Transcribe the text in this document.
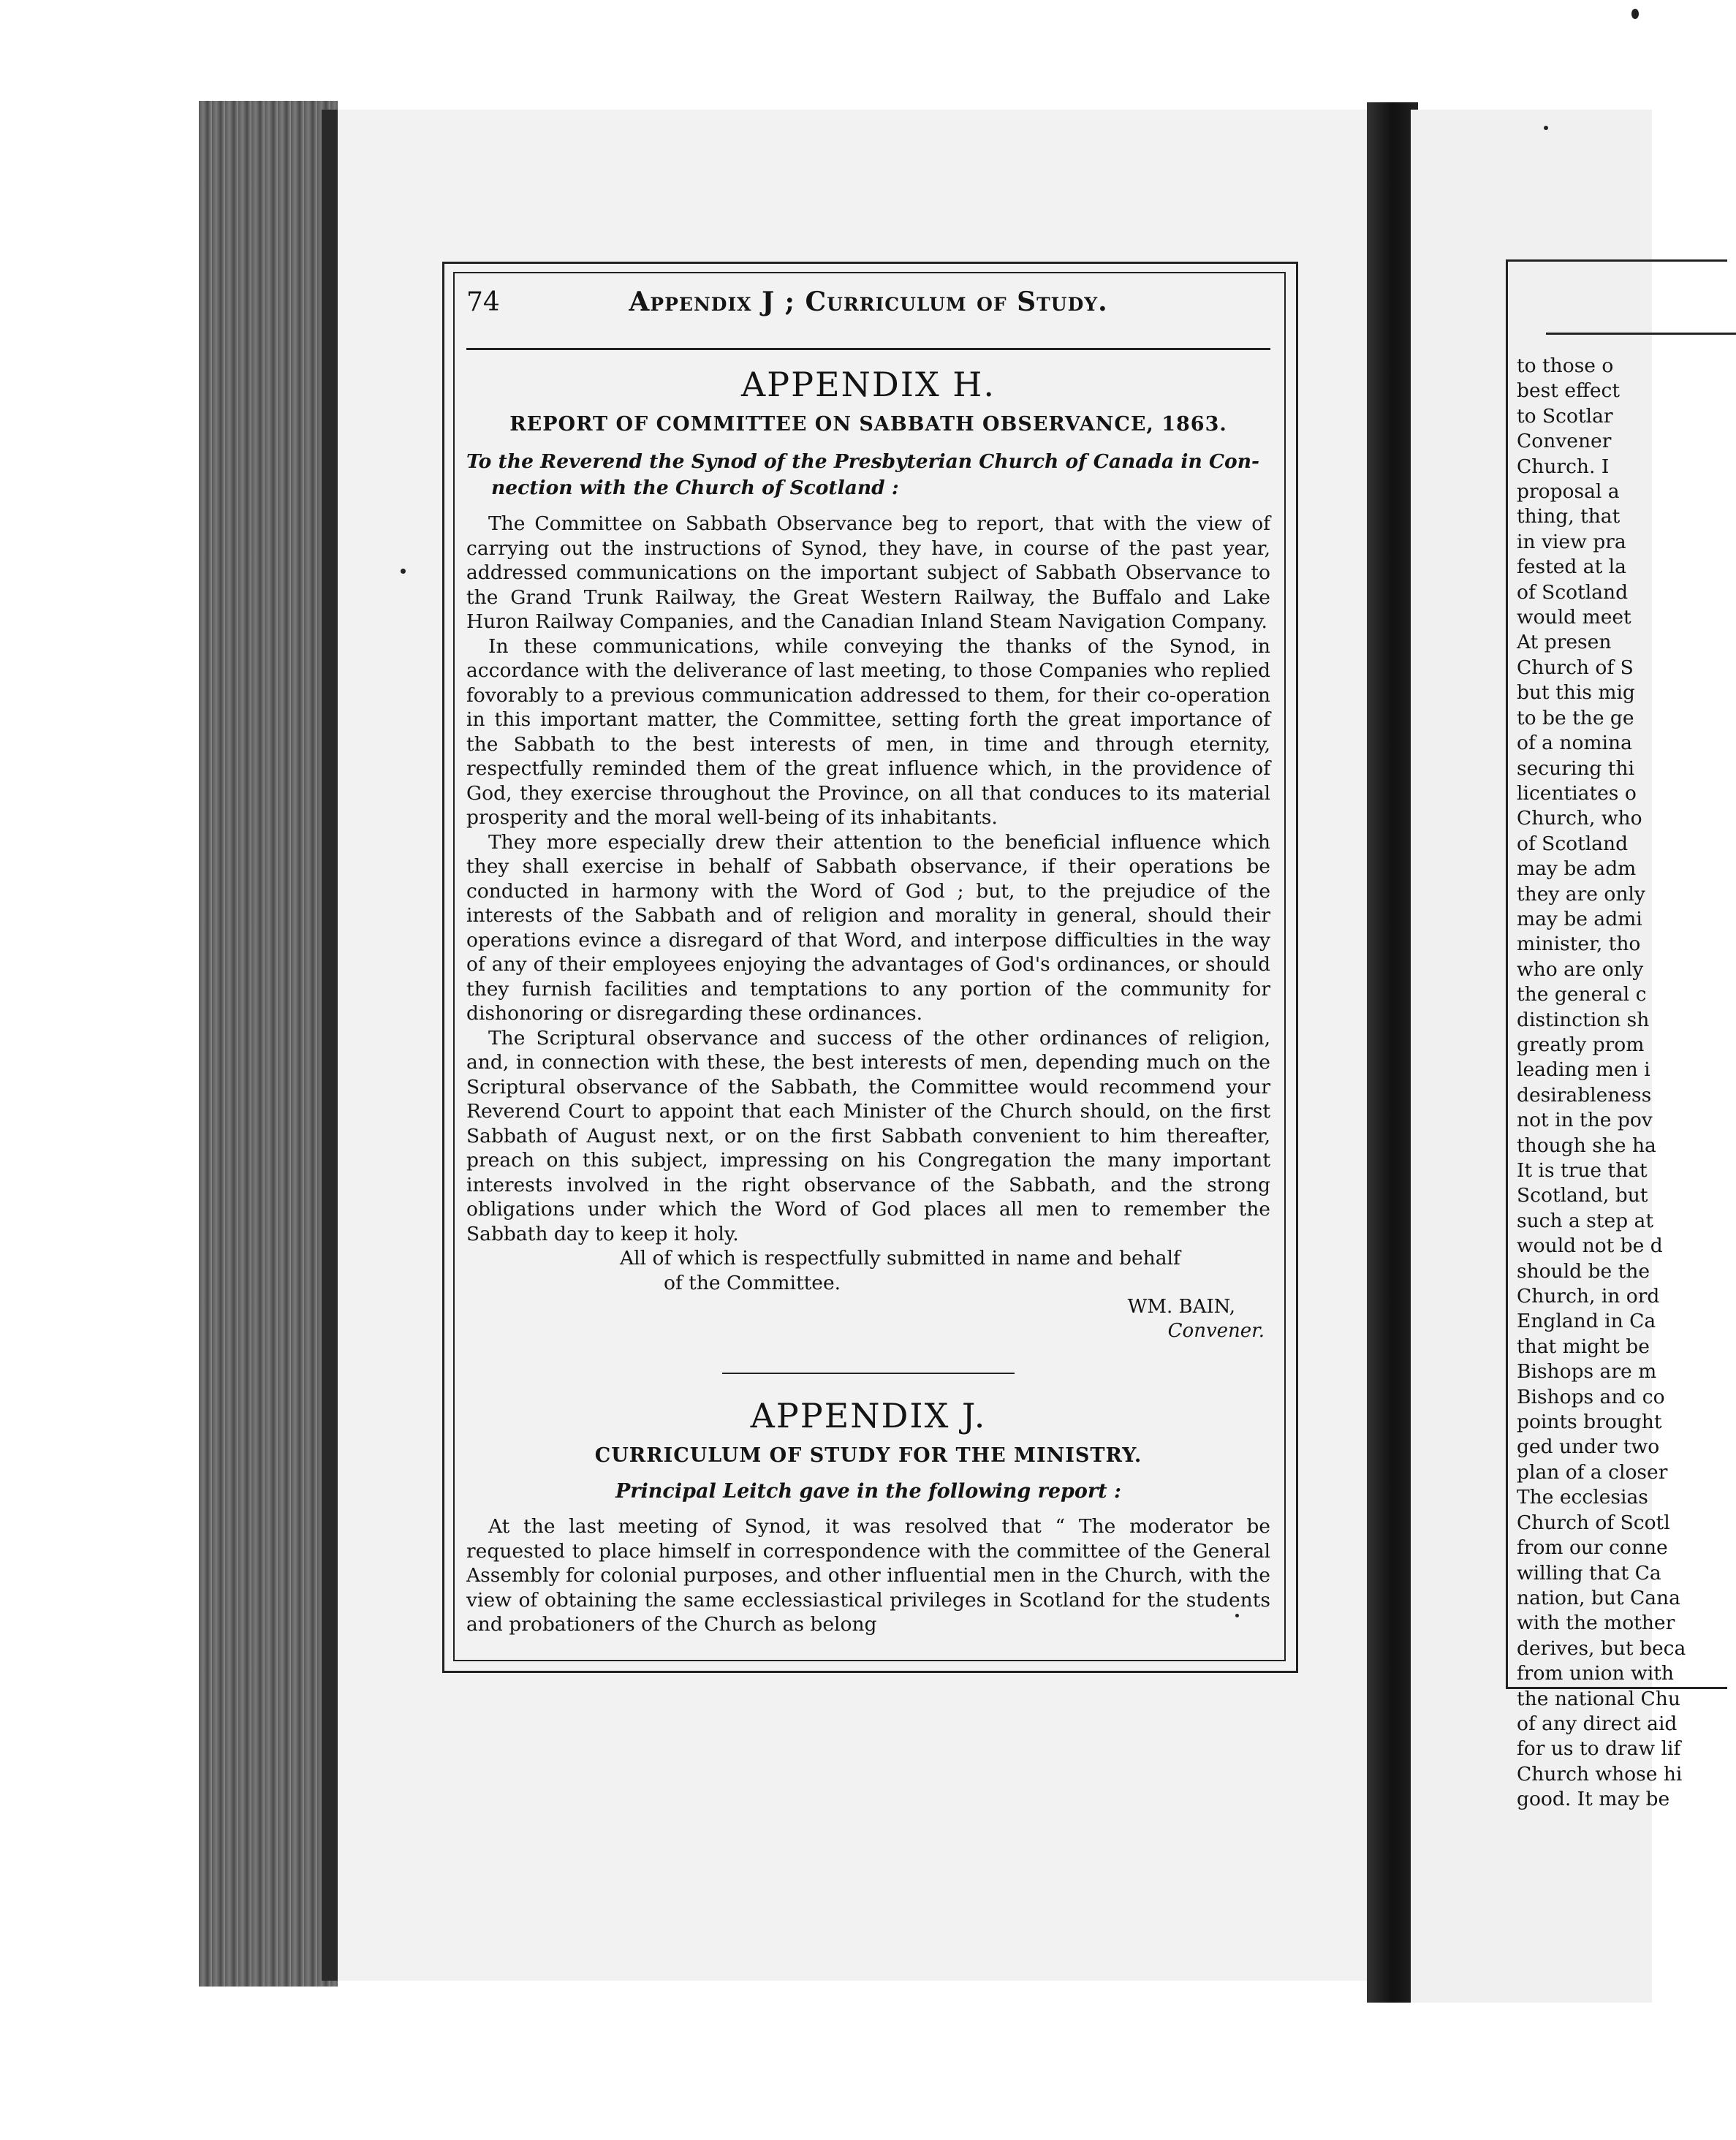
74	Appendix J ; Curriculum of Study.
APPENDIX H.
REPORT OF COMMITTEE ON SABBATH OBSERVANCE, 1863.
To the Reverend the Synod of the Presbyterian Church of Canada in Con-
nection with the Church of Scotland :

The Committee on Sabbath Observance beg to report, that with the view of carrying out the instructions of Synod, they have, in course of the past year, addressed communications on the important subject of Sabbath Observance to the Grand Trunk Railway, the Great Western Railway, the Buffalo and Lake Huron Railway Companies, and the Canadian Inland Steam Navigation Company.

In these communications, while conveying the thanks of the Synod, in accordance with the deliverance of last meeting, to those Companies who replied fovorably to a previous communication addressed to them, for their co-operation in this important matter, the Committee, setting forth the great importance of the Sabbath to the best interests of men, in time and through eternity, respectfully reminded them of the great influence which, in the providence of God, they exercise throughout the Province, on all that conduces to its material prosperity and the moral well-being of its inhabitants.

They more especially drew their attention to the beneficial influence which they shall exercise in behalf of Sabbath observance, if their operations be conducted in harmony with the Word of God ; but, to the prejudice of the interests of the Sabbath and of religion and morality in general, should their operations evince a disregard of that Word, and interpose difficulties in the way of any of their employees enjoying the advantages of God's ordinances, or should they furnish facilities and temptations to any portion of the community for dishonoring or disregarding these ordinances.

The Scriptural observance and success of the other ordinances of religion, and, in connection with these, the best interests of men, depending much on the Scriptural observance of the Sabbath, the Committee would recommend your Reverend Court to appoint that each Minister of the Church should, on the first Sabbath of August next, or on the first Sabbath convenient to him thereafter, preach on this subject, impressing on his Congregation the many important interests involved in the right observance of the Sabbath, and the strong obligations under which the Word of God places all men to remember the Sabbath day to keep it holy.

All of which is respectfully submitted in name and behalf
of the Committee.
WM. BAIN,
Convener.
APPENDIX J.
CURRICULUM OF STUDY FOR THE MINISTRY.
Principal Leitch gave in the following report :

At the last meeting of Synod, it was resolved that “ The moderator be requested to place himself in correspondence with the committee of the General Assembly for colonial purposes, and other influential men in the Church, with the view of obtaining the same ecclessiastical privileges in Scotland for the students and probationers of the Church as belong

to those o
best effect
to Scotlar
Convener
Church. I
proposal a
thing, that
in view pra
fested at la
of Scotland
would meet
At presen
Church of S
but this mig
to be the ge
of a nomina
securing thi
licentiates o
Church, who
of Scotland
may be adm
they are only
may be admi
minister, tho
who are only
the general c
distinction sh
greatly prom
leading men i
desirableness
not in the pov
though she ha
It is true that
Scotland, but
such a step at
would not be d
should be the
Church, in ord
England in Ca
that might be
Bishops are m
Bishops and co
points brought
ged under two
plan of a closer
The ecclesias
Church of Scotl
from our conne
willing that Ca
nation, but Cana
with the mother
derives, but beca
from union with
the national Chu
of any direct aid
for us to draw lif
Church whose hi
good. It may be
